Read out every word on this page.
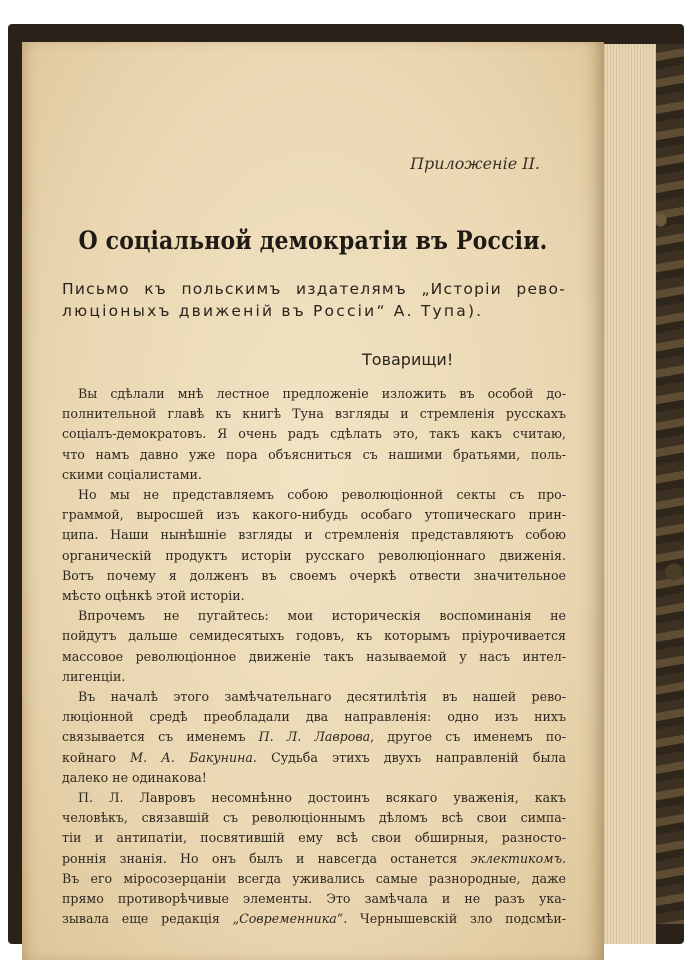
Приложеніе II.
О соціальной демократіи въ Россіи.
Письмо къ польскимъ издателямъ „Исторіи рево-
люціоныхъ движеній въ Россіи“ А. Тупа).
Товарищи!
Вы сдѣлали мнѣ лестное предложеніе изложить въ особой до-
полнительной главѣ къ книгѣ Туна взгляды и стремленія русскахъ
соціалъ-демократовъ. Я очень радъ сдѣлать это, такъ какъ считаю,
что намъ давно уже пора объясниться съ нашими братьями, поль-
скими соціалистами.
Но мы не представляемъ собою революціонной секты съ про-
граммой, выросшей изъ какого-нибудь особаго утопическаго прин-
ципа. Наши нынѣшніе взгляды и стремленія представляютъ собою
органическій продуктъ исторіи русскаго революціоннаго движенія.
Вотъ почему я долженъ въ своемъ очеркѣ отвести значительное
мѣсто оцѣнкѣ этой исторіи.
Впрочемъ не пугайтесь: мои историческія воспоминанія не
пойдутъ дальше семидесятыхъ годовъ, къ которымъ пріурочивается
массовое революціонное движеніе такъ называемой у насъ интел-
лигенціи.
Въ началѣ этого замѣчательнаго десятилѣтія въ нашей рево-
люціонной средѣ преобладали два направленія: одно изъ нихъ
связывается съ именемъ П. Л. Лаврова, другое съ именемъ по-
койнаго М. А. Бакунина. Судьба этихъ двухъ направленій была
далеко не одинакова!
П. Л. Лавровъ несомнѣнно достоинъ всякаго уваженія, какъ
человѣкъ, связавшій съ революціоннымъ дѣломъ всѣ свои симпа-
тіи и антипатіи, посвятившій ему всѣ свои обширныя, разносто-
роннія знанія. Но онъ былъ и навсегда останется эклектикомъ.
Въ его міросозерцаніи всегда уживались самые разнородные, даже
прямо противорѣчивые элементы. Это замѣчала и не разъ ука-
зывала еще редакція „Современника“. Чернышевскій зло подсмѣи-
